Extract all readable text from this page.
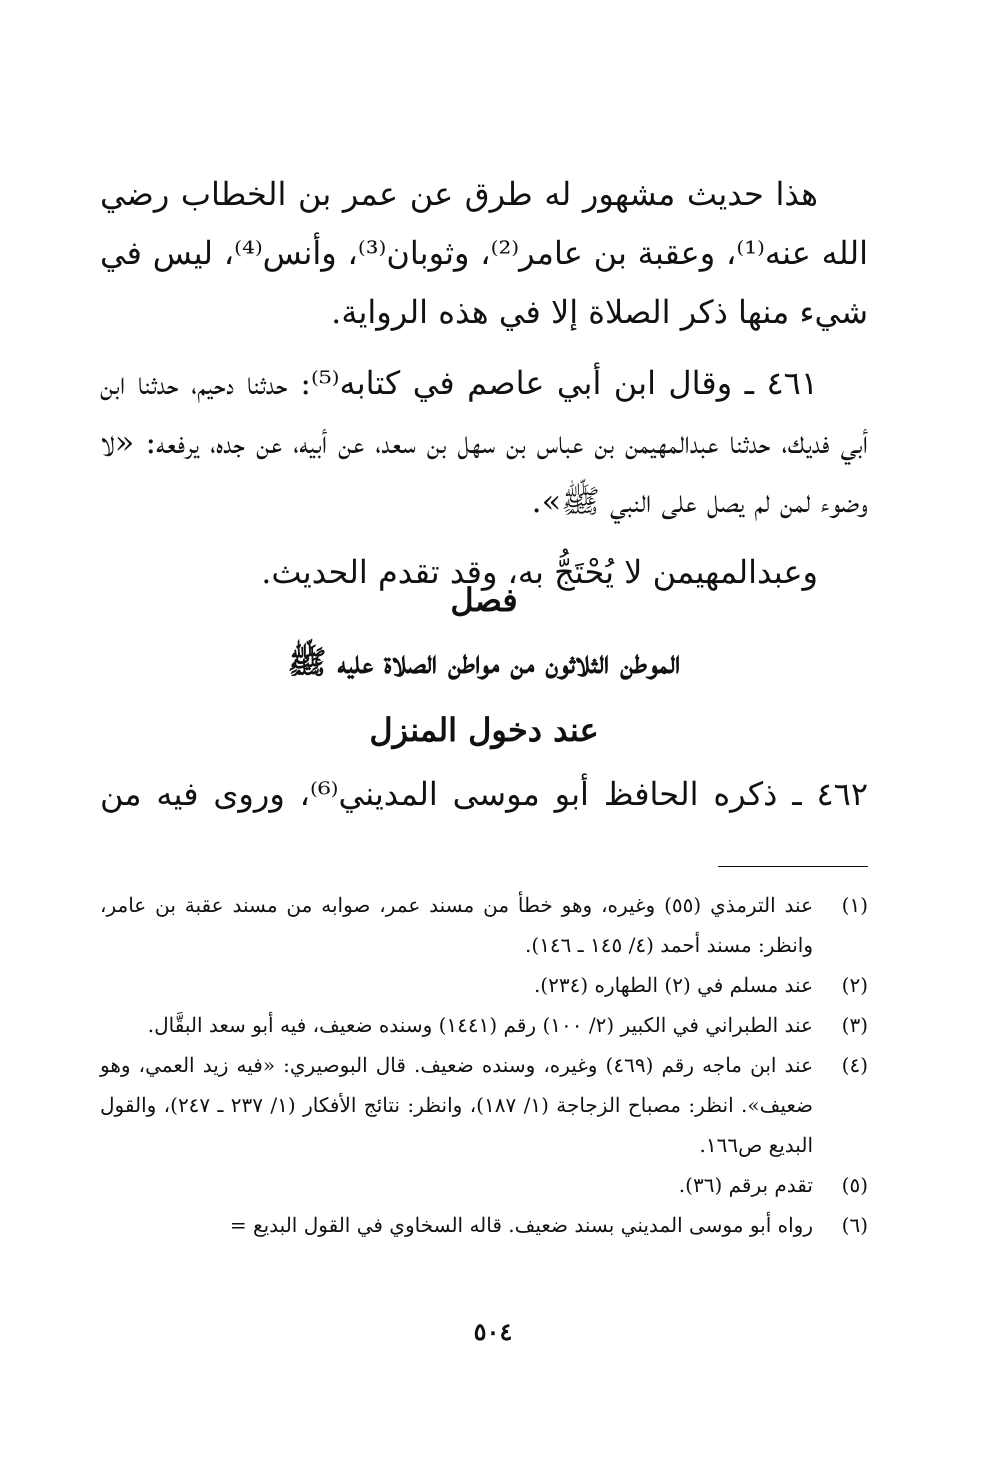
هذا حديث مشهور له طرق عن عمر بن الخطاب رضي الله عنه⁽¹⁾، وعقبة بن عامر⁽²⁾، وثوبان⁽³⁾، وأنس⁽⁴⁾، ليس في شيء منها ذكر الصلاة إلا في هذه الرواية.

٤٦١ ـ وقال ابن أبي عاصم في كتابه⁽⁵⁾: حدثنا دحيم، حدثنا ابن أبي فديك، حدثنا عبدالمهيمن بن عباس بن سهل بن سعد، عن أبيه، عن جده، يرفعه: «لا وضوء لمن لم يصل على النبي ﷺ».

وعبدالمهيمن لا يُحْتَجُّ به، وقد تقدم الحديث.

فصل
الموطن الثلاثون من مواطن الصلاة عليه ﷺ
عند دخول المنزل

٤٦٢ ـ ذكره الحافظ أبو موسى المديني⁽⁶⁾، وروى فيه من

(١)
عند الترمذي (٥٥) وغيره، وهو خطأ من مسند عمر، صوابه من مسند عقبة بن عامر، وانظر: مسند أحمد (٤/ ١٤٥ ـ ١٤٦).
(٢)
عند مسلم في (٢) الطهاره (٢٣٤).
(٣)
عند الطبراني في الكبير (٢/ ١٠٠) رقم (١٤٤١) وسنده ضعيف، فيه أبو سعد البقَّال.
(٤)
عند ابن ماجه رقم (٤٦٩) وغيره، وسنده ضعيف. قال البوصيري: «فيه زيد العمي، وهو ضعيف». انظر: مصباح الزجاجة (١/ ١٨٧)، وانظر: نتائج الأفكار (١/ ٢٣٧ ـ ٢٤٧)، والقول البديع ص١٦٦.
(٥)
تقدم برقم (٣٦).
(٦)
رواه أبو موسى المديني بسند ضعيف. قاله السخاوي في القول البديع =
٥٠٤
